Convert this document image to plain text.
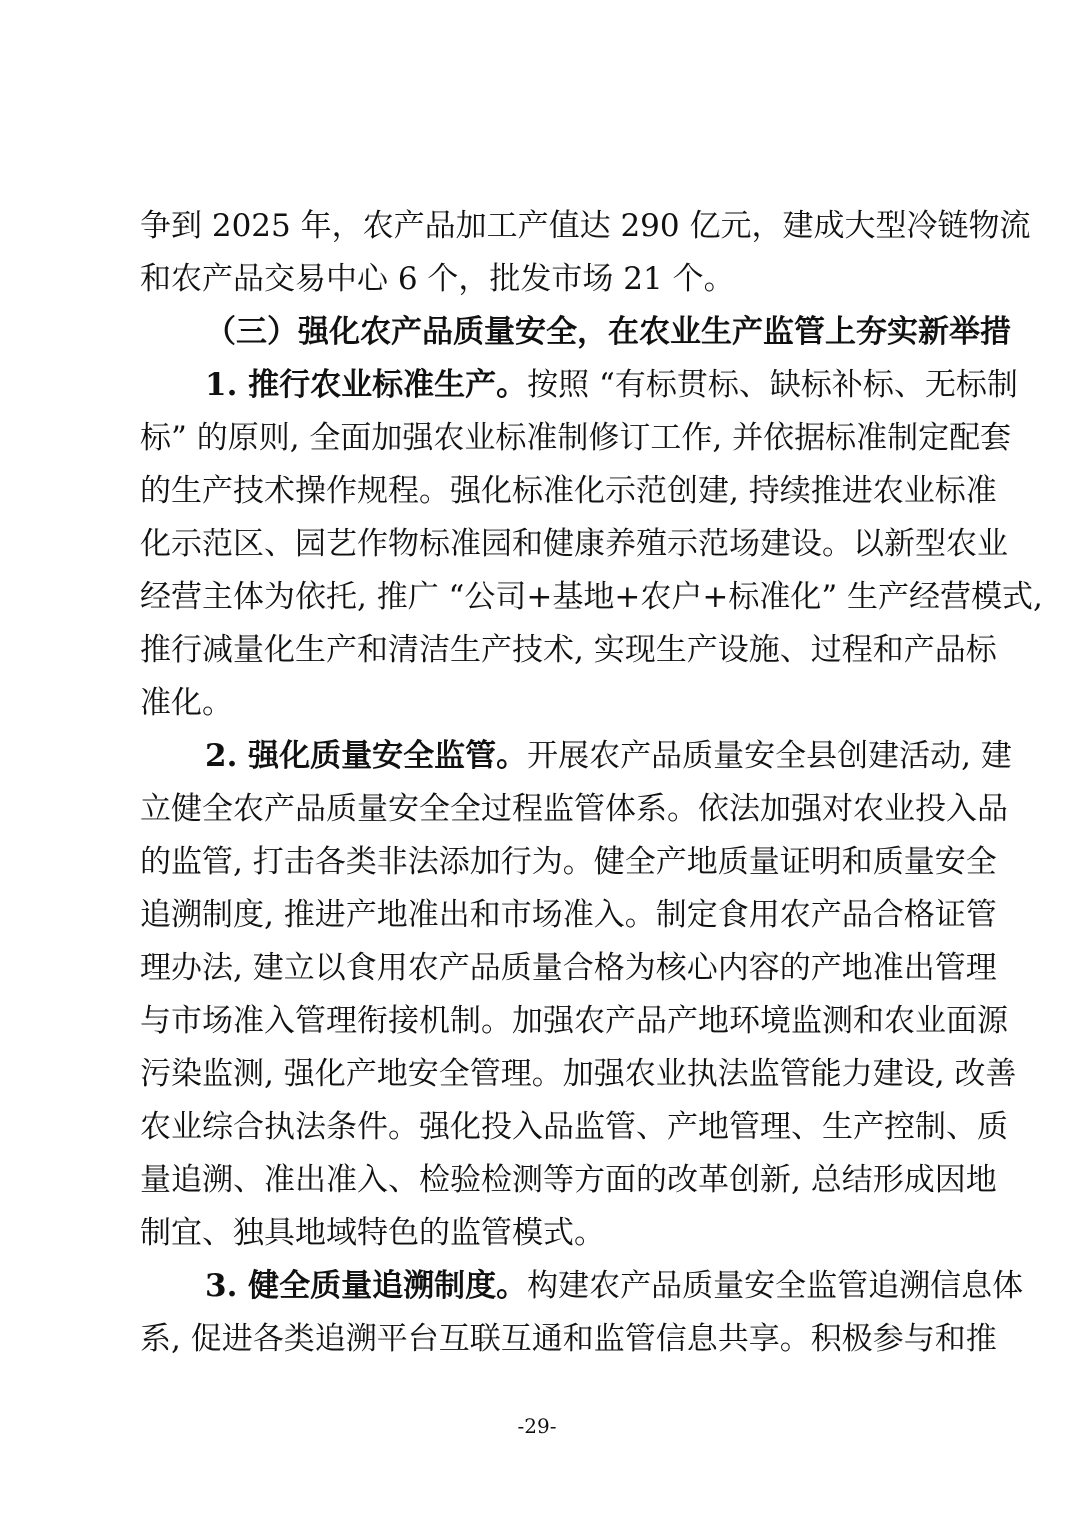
争到 2025 年，农产品加工产值达 290 亿元，建成大型冷链物流
和农产品交易中心 6 个，批发市场 21 个。
（三）强化农产品质量安全，在农业生产监管上夯实新举措
1. 推行农业标准生产。按照 “有标贯标、缺标补标、无标制
标” 的原则, 全面加强农业标准制修订工作, 并依据标准制定配套
的生产技术操作规程。强化标准化示范创建, 持续推进农业标准
化示范区、园艺作物标准园和健康养殖示范场建设。以新型农业
经营主体为依托, 推广 “公司+基地+农户+标准化” 生产经营模式,
推行减量化生产和清洁生产技术, 实现生产设施、过程和产品标
准化。
2. 强化质量安全监管。开展农产品质量安全县创建活动, 建
立健全农产品质量安全全过程监管体系。依法加强对农业投入品
的监管, 打击各类非法添加行为。健全产地质量证明和质量安全
追溯制度, 推进产地准出和市场准入。制定食用农产品合格证管
理办法, 建立以食用农产品质量合格为核心内容的产地准出管理
与市场准入管理衔接机制。加强农产品产地环境监测和农业面源
污染监测, 强化产地安全管理。加强农业执法监管能力建设, 改善
农业综合执法条件。强化投入品监管、产地管理、生产控制、质
量追溯、准出准入、检验检测等方面的改革创新, 总结形成因地
制宜、独具地域特色的监管模式。
3. 健全质量追溯制度。构建农产品质量安全监管追溯信息体
系, 促进各类追溯平台互联互通和监管信息共享。积极参与和推
-29-
